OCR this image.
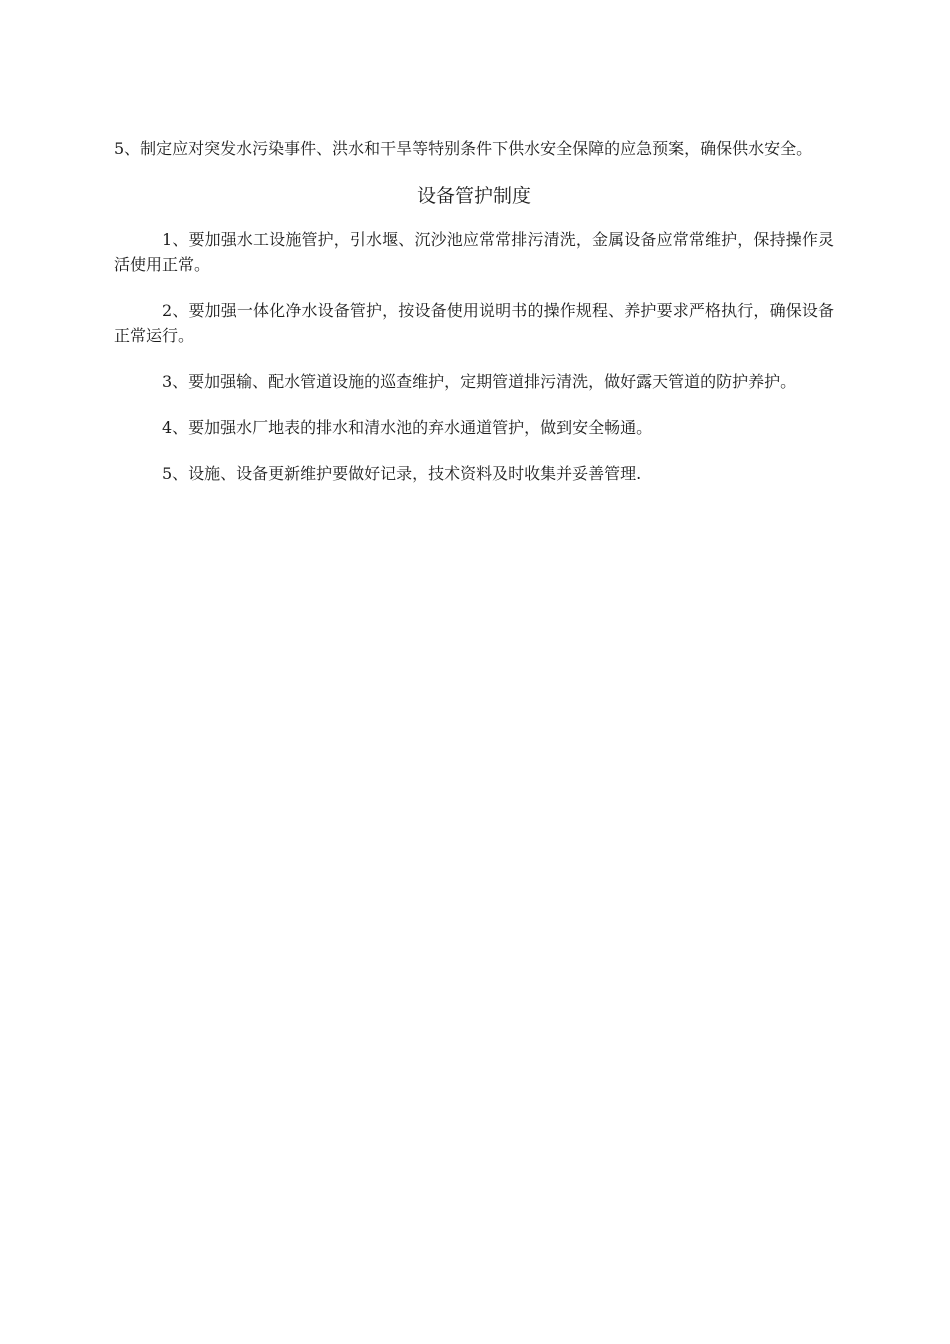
5、制定应对突发水污染事件、洪水和干旱等特别条件下供水安全保障的应急预案，确保供水安全。

设备管护制度

1、要加强水工设施管护，引水堰、沉沙池应常常排污清洗，金属设备应常常维护，保持操作灵活使用正常。

2、要加强一体化净水设备管护，按设备使用说明书的操作规程、养护要求严格执行，确保设备正常运行。

3、要加强输、配水管道设施的巡查维护，定期管道排污清洗，做好露天管道的防护养护。

4、要加强水厂地表的排水和清水池的弃水通道管护，做到安全畅通。

5、设施、设备更新维护要做好记录，技术资料及时收集并妥善管理.
